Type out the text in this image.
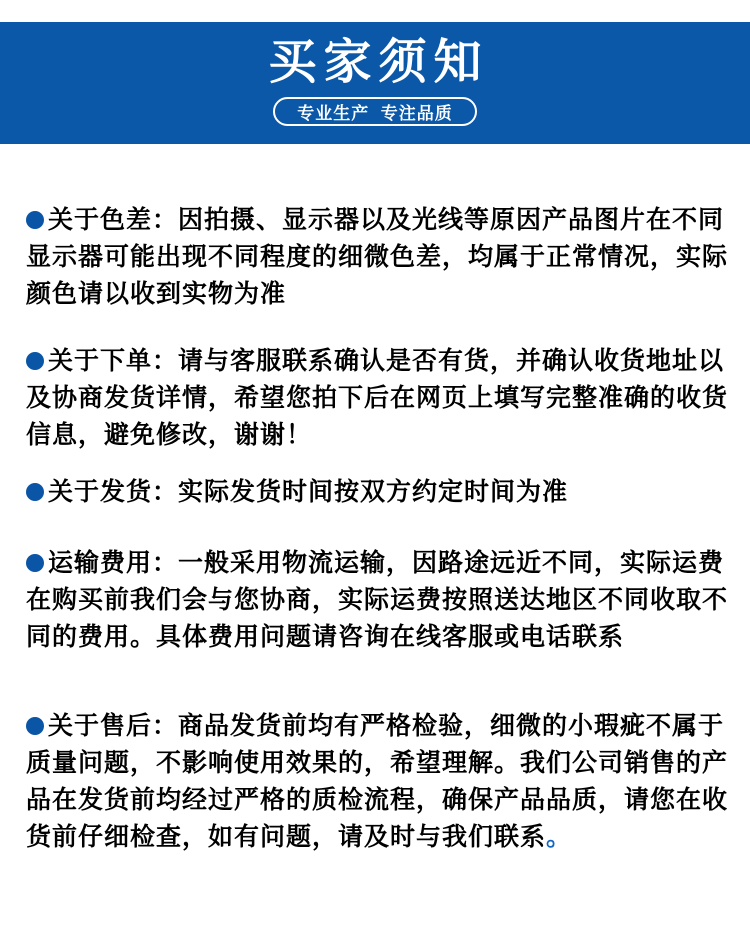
买家须知
专业生产  专注品质
关于色差：因拍摄、显示器以及光线等原因产品图片在不同
显示器可能出现不同程度的细微色差，均属于正常情况，实际
颜色请以收到实物为准
关于下单：请与客服联系确认是否有货，并确认收货地址以
及协商发货详情，希望您拍下后在网页上填写完整准确的收货
信息，避免修改，谢谢！
关于发货：实际发货时间按双方约定时间为准
运输费用：一般采用物流运输，因路途远近不同，实际运费
在购买前我们会与您协商，实际运费按照送达地区不同收取不
同的费用。具体费用问题请咨询在线客服或电话联系
关于售后：商品发货前均有严格检验，细微的小瑕疵不属于
质量问题，不影响使用效果的，希望理解。我们公司销售的产
品在发货前均经过严格的质检流程，确保产品品质，请您在收
货前仔细检查，如有问题，请及时与我们联系。
